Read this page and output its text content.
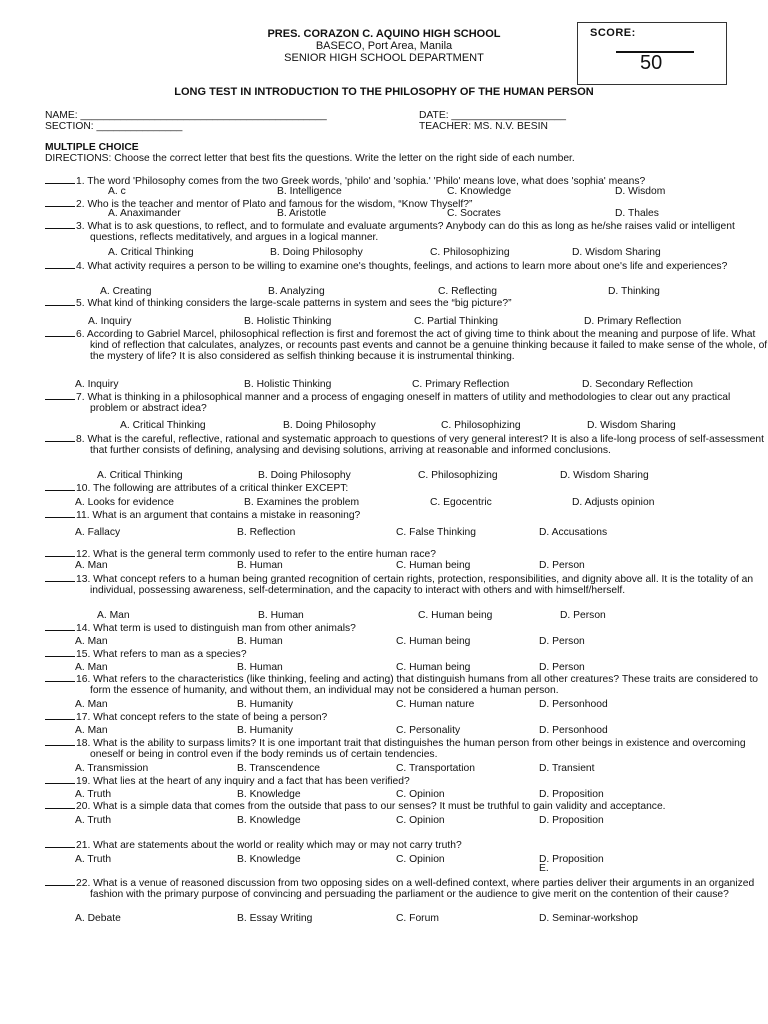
PRES. CORAZON C. AQUINO HIGH SCHOOL
BASECO, Port Area, Manila
SENIOR HIGH SCHOOL DEPARTMENT
SCORE:
50
LONG TEST IN INTRODUCTION TO THE PHILOSOPHY OF THE HUMAN PERSON
NAME: ___________________________________________
SECTION: _______________
DATE: ____________________
TEACHER: MS. N.V. BESIN
MULTIPLE CHOICE
DIRECTIONS: Choose the correct letter that best fits the questions. Write the letter on the right side of each number.
1. The word 'Philosophy comes from the two Greek words, 'philo' and 'sophia.' 'Philo' means love, what does 'sophia' means?
A. c	B. Intelligence	C. Knowledge	D. Wisdom
2. Who is the teacher and mentor of Plato and famous for the wisdom, “Know Thyself?”
A. Anaximander	B. Aristotle	C. Socrates	D. Thales
3. What is to ask questions, to reflect, and to formulate and evaluate arguments? Anybody can do this as long as he/she raises valid or intelligent questions, reflects meditatively, and argues in a logical manner.
A. Critical Thinking	B. Doing Philosophy	C. Philosophizing	D. Wisdom Sharing
4. What activity requires a person to be willing to examine one's thoughts, feelings, and actions to learn more about one's life and experiences?
A. Creating	B. Analyzing	C. Reflecting	D. Thinking
5. What kind of thinking considers the large-scale patterns in system and sees the “big picture?”
A. Inquiry	B. Holistic Thinking	C. Partial Thinking	D. Primary Reflection
6. According to Gabriel Marcel, philosophical reflection is first and foremost the act of giving time to think about the meaning and purpose of life. What kind of reflection that calculates, analyzes, or recounts past events and cannot be a genuine thinking because it failed to make sense of the whole, of the mystery of life? It is also considered as selfish thinking because it is instrumental thinking.
A. Inquiry	B. Holistic Thinking	C. Primary Reflection	D. Secondary Reflection
7. What is thinking in a philosophical manner and a process of engaging oneself in matters of utility and methodologies to clear out any practical problem or abstract idea?
A. Critical Thinking	B. Doing Philosophy	C. Philosophizing	D. Wisdom Sharing
8. What is the careful, reflective, rational and systematic approach to questions of very general interest? It is also a life-long process of self-assessment that further consists of defining, analysing and devising solutions, arriving at reasonable and informed conclusions.
A. Critical Thinking	B. Doing Philosophy	C. Philosophizing	D. Wisdom Sharing
10. The following are attributes of a critical thinker EXCEPT:
A. Looks for evidence	B. Examines the problem	C. Egocentric	D. Adjusts opinion
11. What is an argument that contains a mistake in reasoning?
A. Fallacy	B. Reflection	C. False Thinking	D. Accusations
12. What is the general term commonly used to refer to the entire human race?
A. Man	B. Human	C. Human being	D. Person
13. What concept refers to a human being granted recognition of certain rights, protection, responsibilities, and dignity above all. It is the totality of an individual, possessing awareness, self-determination, and the capacity to interact with others and with himself/herself.
A. Man	B. Human	C. Human being	D. Person
14. What term is used to distinguish man from other animals?
A. Man	B. Human	C. Human being	D. Person
15. What refers to man as a species?
A. Man	B. Human	C. Human being	D. Person
16. What refers to the characteristics (like thinking, feeling and acting) that distinguish humans from all other creatures? These traits are considered to form the essence of humanity, and without them, an individual may not be considered a human person.
A. Man	B. Humanity	C. Human nature	D. Personhood
17. What concept refers to the state of being a person?
A. Man	B. Humanity	C. Personality	D. Personhood
18. What is the ability to surpass limits? It is one important trait that distinguishes the human person from other beings in existence and overcoming oneself or being in control even if the body reminds us of certain tendencies.
A. Transmission	B. Transcendence	C. Transportation	D. Transient
19. What lies at the heart of any inquiry and a fact that has been verified?
A. Truth	B. Knowledge	C. Opinion	D. Proposition
20. What is a simple data that comes from the outside that pass to our senses? It must be truthful to gain validity and acceptance.
A. Truth	B. Knowledge	C. Opinion	D. Proposition
21. What are statements about the world or reality which may or may not carry truth?
A. Truth	B. Knowledge	C. Opinion	D. Proposition
E.
22. What is a venue of reasoned discussion from two opposing sides on a well-defined context, where parties deliver their arguments in an organized fashion with the primary purpose of convincing and persuading the parliament or the audience to give merit on the contention of their cause?
A. Debate	B. Essay Writing	C. Forum	D. Seminar-workshop
